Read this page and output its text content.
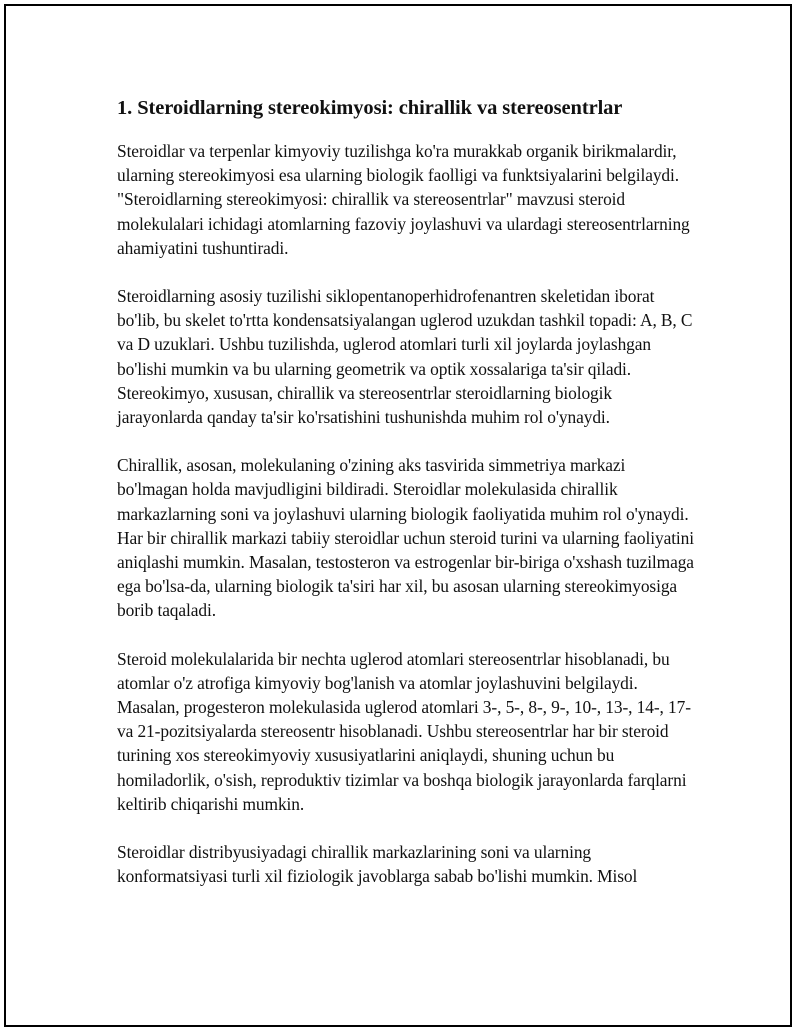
1. Steroidlarning stereokimyosi: chirallik va stereosentrlar

Steroidlar va terpenlar kimyoviy tuzilishga ko'ra murakkab organik birikmalardir, ularning stereokimyosi esa ularning biologik faolligi va funktsiyalarini belgilaydi. "Steroidlarning stereokimyosi: chirallik va stereosentrlar" mavzusi steroid molekulalari ichidagi atomlarning fazoviy joylashuvi va ulardagi stereosentrlarning ahamiyatini tushuntiradi.

Steroidlarning asosiy tuzilishi siklopentanoperhidrofenantren skeletidan iborat bo'lib, bu skelet to'rtta kondensatsiyalangan uglerod uzukdan tashkil topadi: A, B, C va D uzuklari. Ushbu tuzilishda, uglerod atomlari turli xil joylarda joylashgan bo'lishi mumkin va bu ularning geometrik va optik xossalariga ta'sir qiladi. Stereokimyo, xususan, chirallik va stereosentrlar steroidlarning biologik jarayonlarda qanday ta'sir ko'rsatishini tushunishda muhim rol o'ynaydi.

Chirallik, asosan, molekulaning o'zining aks tasvirida simmetriya markazi bo'lmagan holda mavjudligini bildiradi. Steroidlar molekulasida chirallik markazlarning soni va joylashuvi ularning biologik faoliyatida muhim rol o'ynaydi. Har bir chirallik markazi tabiiy steroidlar uchun steroid turini va ularning faoliyatini aniqlashi mumkin. Masalan, testosteron va estrogenlar bir-biriga o'xshash tuzilmaga ega bo'lsa-da, ularning biologik ta'siri har xil, bu asosan ularning stereokimyosiga borib taqaladi.

Steroid molekulalarida bir nechta uglerod atomlari stereosentrlar hisoblanadi, bu atomlar o'z atrofiga kimyoviy bog'lanish va atomlar joylashuvini belgilaydi. Masalan, progesteron molekulasida uglerod atomlari 3-, 5-, 8-, 9-, 10-, 13-, 14-, 17-va 21-pozitsiyalarda stereosentr hisoblanadi. Ushbu stereosentrlar har bir steroid turining xos stereokimyoviy xususiyatlarini aniqlaydi, shuning uchun bu homiladorlik, o'sish, reproduktiv tizimlar va boshqa biologik jarayonlarda farqlarni keltirib chiqarishi mumkin.

Steroidlar distribyusiyadagi chirallik markazlarining soni va ularning konformatsiyasi turli xil fiziologik javoblarga sabab bo'lishi mumkin. Misol
